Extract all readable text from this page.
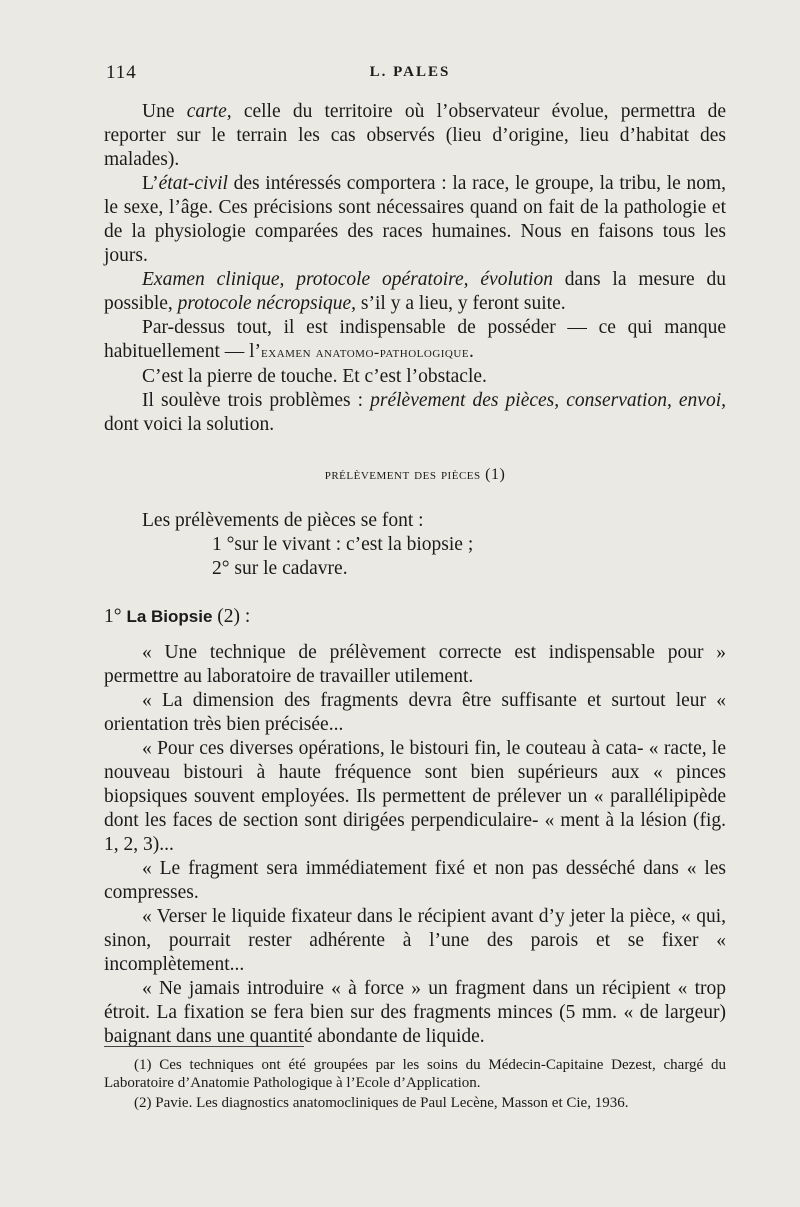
114	L. PALES

Une carte, celle du territoire où l’observateur évolue, permettra de reporter sur le terrain les cas observés (lieu d’origine, lieu d’habitat des malades).

L’état-civil des intéressés comportera : la race, le groupe, la tribu, le nom, le sexe, l’âge. Ces précisions sont nécessaires quand on fait de la pathologie et de la physiologie comparées des races humaines. Nous en faisons tous les jours.

Examen clinique, protocole opératoire, évolution dans la mesure du possible, protocole nécropsique, s’il y a lieu, y feront suite.

Par-dessus tout, il est indispensable de posséder — ce qui manque habituellement — l’examen anatomo-pathologique.

C’est la pierre de touche. Et c’est l’obstacle.

Il soulève trois problèmes : prélèvement des pièces, conservation, envoi, dont voici la solution.

prélèvement des pièces (1)

Les prélèvements de pièces se font :

1 °sur le vivant : c’est la biopsie ;

2° sur le cadavre.

1° La Biopsie (2) :

« Une technique de prélèvement correcte est indispensable pour » permettre au laboratoire de travailler utilement.

« La dimension des fragments devra être suffisante et surtout leur « orientation très bien précisée...

« Pour ces diverses opérations, le bistouri fin, le couteau à cata- « racte, le nouveau bistouri à haute fréquence sont bien supérieurs aux « pinces biopsiques souvent employées. Ils permettent de prélever un « parallélipipède dont les faces de section sont dirigées perpendiculaire- « ment à la lésion (fig. 1, 2, 3)...

« Le fragment sera immédiatement fixé et non pas desséché dans « les compresses.

« Verser le liquide fixateur dans le récipient avant d’y jeter la pièce, « qui, sinon, pourrait rester adhérente à l’une des parois et se fixer « incomplètement...

« Ne jamais introduire « à force » un fragment dans un récipient « trop étroit. La fixation se fera bien sur des fragments minces (5 mm. « de largeur) baignant dans une quantité abondante de liquide.

(1) Ces techniques ont été groupées par les soins du Médecin-Capitaine Dezest, chargé du Laboratoire d’Anatomie Pathologique à l’Ecole d’Application.

(2) Pavie. Les diagnostics anatomocliniques de Paul Lecène, Masson et Cie, 1936.
